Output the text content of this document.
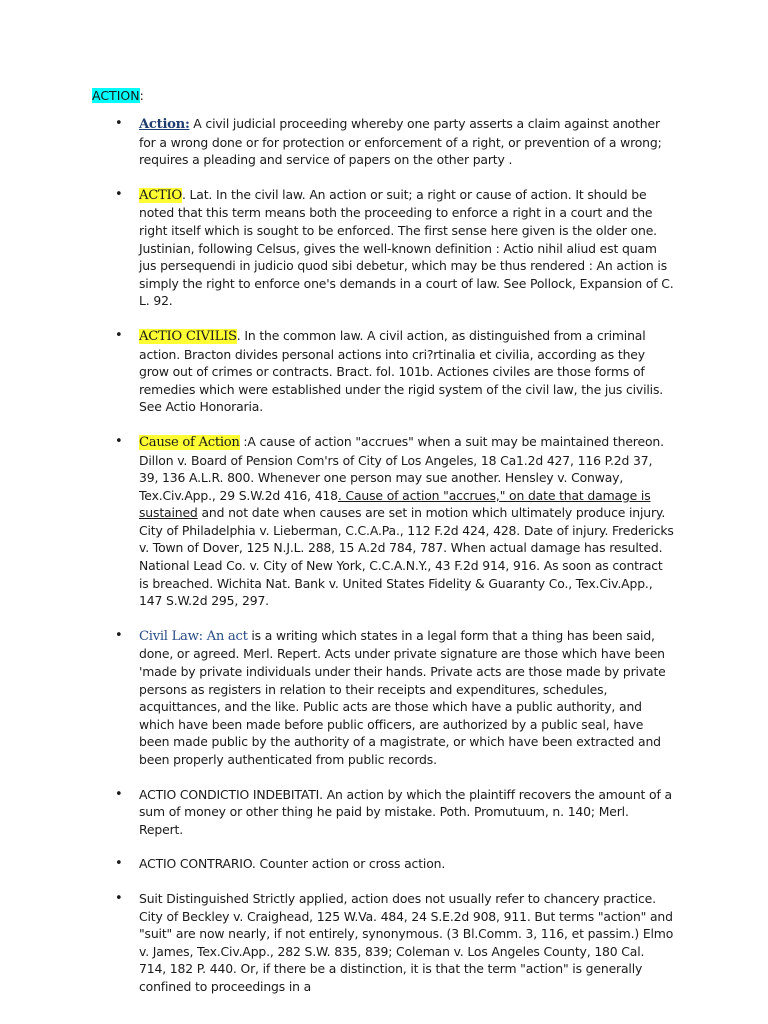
ACTION:
• Action: A civil judicial proceeding whereby one party asserts a claim against another for a wrong done or for protection or enforcement of a right, or prevention of a wrong; requires a pleading and service of papers on the other party .
• ACTIO. Lat. In the civil law. An action or suit; a right or cause of action. It should be noted that this term means both the proceeding to enforce a right in a court and the right itself which is sought to be enforced. The first sense here given is the older one. Justinian, following Celsus, gives the well-known definition : Actio nihil aliud est quam jus persequendi in judicio quod sibi debetur, which may be thus rendered : An action is simply the right to enforce one's demands in a court of law. See Pollock, Expansion of C. L. 92.
• ACTIO CIVILIS. In the common law. A civil action, as distinguished from a criminal action. Bracton divides personal actions into cri?rtinalia et civilia, according as they grow out of crimes or contracts. Bract. fol. 101b. Actiones civiles are those forms of remedies which were established under the rigid system of the civil law, the jus civilis. See Actio Honoraria.
• Cause of Action :A cause of action "accrues" when a suit may be maintained thereon. Dillon v. Board of Pension Com'rs of City of Los Angeles, 18 Ca1.2d 427, 116 P.2d 37, 39, 136 A.L.R. 800. Whenever one person may sue another. Hensley v. Conway, Tex.Civ.App., 29 S.W.2d 416, 418. Cause of action "accrues," on date that damage is sustained and not date when causes are set in motion which ultimately produce injury. City of Philadelphia v. Lieberman, C.C.A.Pa., 112 F.2d 424, 428. Date of injury. Fredericks v. Town of Dover, 125 N.J.L. 288, 15 A.2d 784, 787. When actual damage has resulted. National Lead Co. v. City of New York, C.C.A.N.Y., 43 F.2d 914, 916. As soon as contract is breached. Wichita Nat. Bank v. United States Fidelity & Guaranty Co., Tex.Civ.App., 147 S.W.2d 295, 297.
• Civil Law: An act is a writing which states in a legal form that a thing has been said, done, or agreed. Merl. Repert. Acts under private signature are those which have been 'made by private individuals under their hands. Private acts are those made by private persons as registers in relation to their receipts and expenditures, schedules, acquittances, and the like. Public acts are those which have a public authority, and which have been made before public officers, are authorized by a public seal, have been made public by the authority of a magistrate, or which have been extracted and been properly authenticated from public records.
• ACTIO CONDICTIO INDEBITATI. An action by which the plaintiff recovers the amount of a sum of money or other thing he paid by mistake. Poth. Promutuum, n. 140; Merl. Repert.
• ACTIO CONTRARIO. Counter action or cross action.
• Suit Distinguished Strictly applied, action does not usually refer to chancery practice. City of Beckley v. Craighead, 125 W.Va. 484, 24 S.E.2d 908, 911. But terms "action" and "suit" are now nearly, if not entirely, synonymous. (3 Bl.Comm. 3, 116, et passim.) Elmo v. James, Tex.Civ.App., 282 S.W. 835, 839; Coleman v. Los Angeles County, 180 Cal. 714, 182 P. 440. Or, if there be a distinction, it is that the term "action" is generally confined to proceedings in a
